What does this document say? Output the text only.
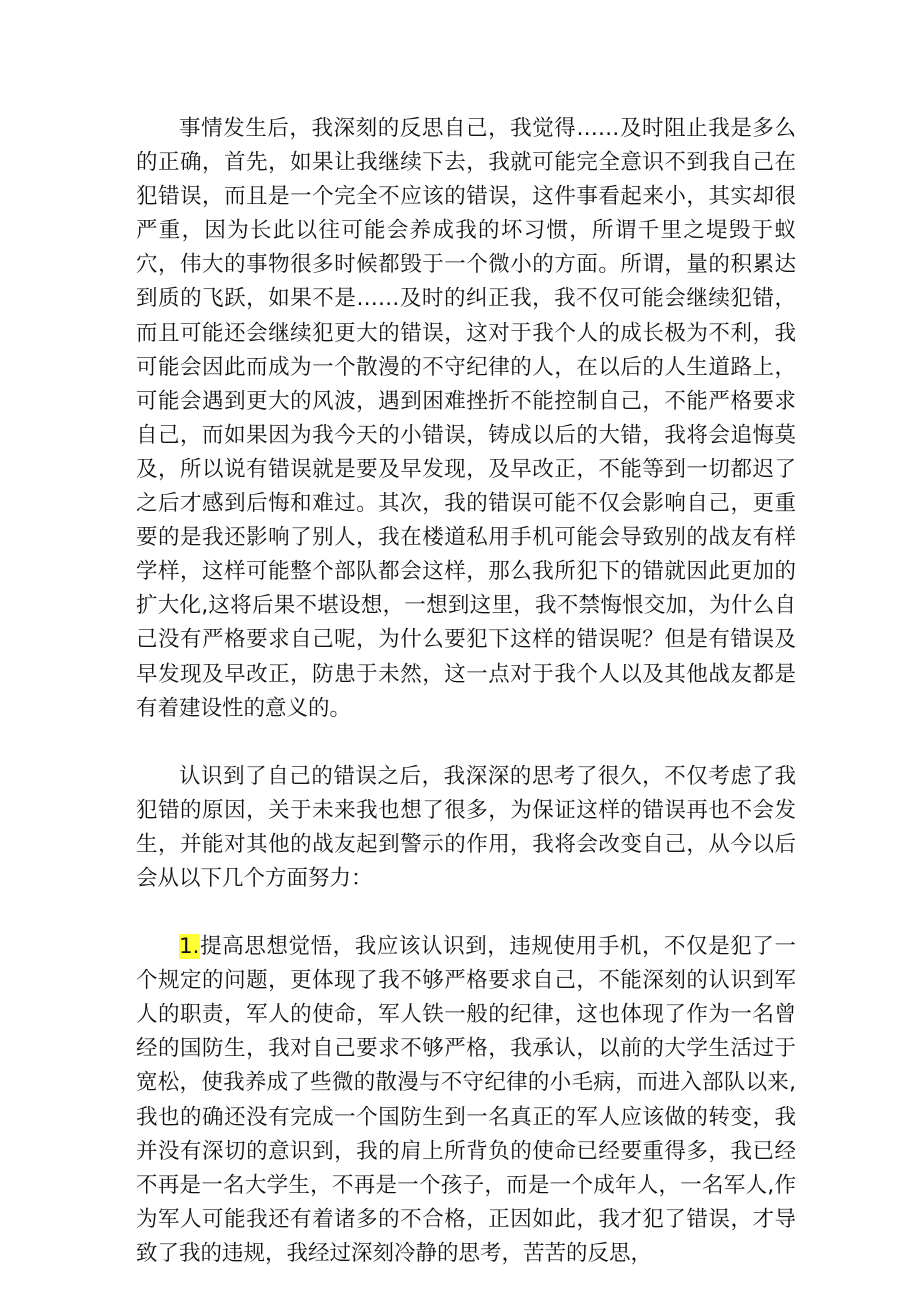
事情发生后，我深刻的反思自己，我觉得……及时阻止我是多么的正确，首先，如果让我继续下去，我就可能完全意识不到我自己在犯错误，而且是一个完全不应该的错误，这件事看起来小，其实却很严重，因为长此以往可能会养成我的坏习惯，所谓千里之堤毁于蚁穴，伟大的事物很多时候都毁于一个微小的方面。所谓，量的积累达到质的飞跃，如果不是……及时的纠正我，我不仅可能会继续犯错，而且可能还会继续犯更大的错误，这对于我个人的成长极为不利，我可能会因此而成为一个散漫的不守纪律的人，在以后的人生道路上，可能会遇到更大的风波，遇到困难挫折不能控制自己，不能严格要求自己，而如果因为我今天的小错误，铸成以后的大错，我将会追悔莫及，所以说有错误就是要及早发现，及早改正，不能等到一切都迟了之后才感到后悔和难过。其次，我的错误可能不仅会影响自己，更重要的是我还影响了别人，我在楼道私用手机可能会导致别的战友有样学样，这样可能整个部队都会这样，那么我所犯下的错就因此更加的扩大化,这将后果不堪设想，一想到这里，我不禁悔恨交加，为什么自己没有严格要求自己呢，为什么要犯下这样的错误呢？但是有错误及早发现及早改正，防患于未然，这一点对于我个人以及其他战友都是有着建设性的意义的。

认识到了自己的错误之后，我深深的思考了很久，不仅考虑了我犯错的原因，关于未来我也想了很多，为保证这样的错误再也不会发生，并能对其他的战友起到警示的作用，我将会改变自己，从今以后会从以下几个方面努力：

1.提高思想觉悟，我应该认识到，违规使用手机，不仅是犯了一个规定的问题，更体现了我不够严格要求自己，不能深刻的认识到军人的职责，军人的使命，军人铁一般的纪律，这也体现了作为一名曾经的国防生，我对自己要求不够严格，我承认，以前的大学生活过于宽松，使我养成了些微的散漫与不守纪律的小毛病，而进入部队以来,我也的确还没有完成一个国防生到一名真正的军人应该做的转变，我并没有深切的意识到，我的肩上所背负的使命已经要重得多，我已经不再是一名大学生，不再是一个孩子，而是一个成年人，一名军人,作为军人可能我还有着诸多的不合格，正因如此，我才犯了错误，才导致了我的违规，我经过深刻冷静的思考，苦苦的反思，
